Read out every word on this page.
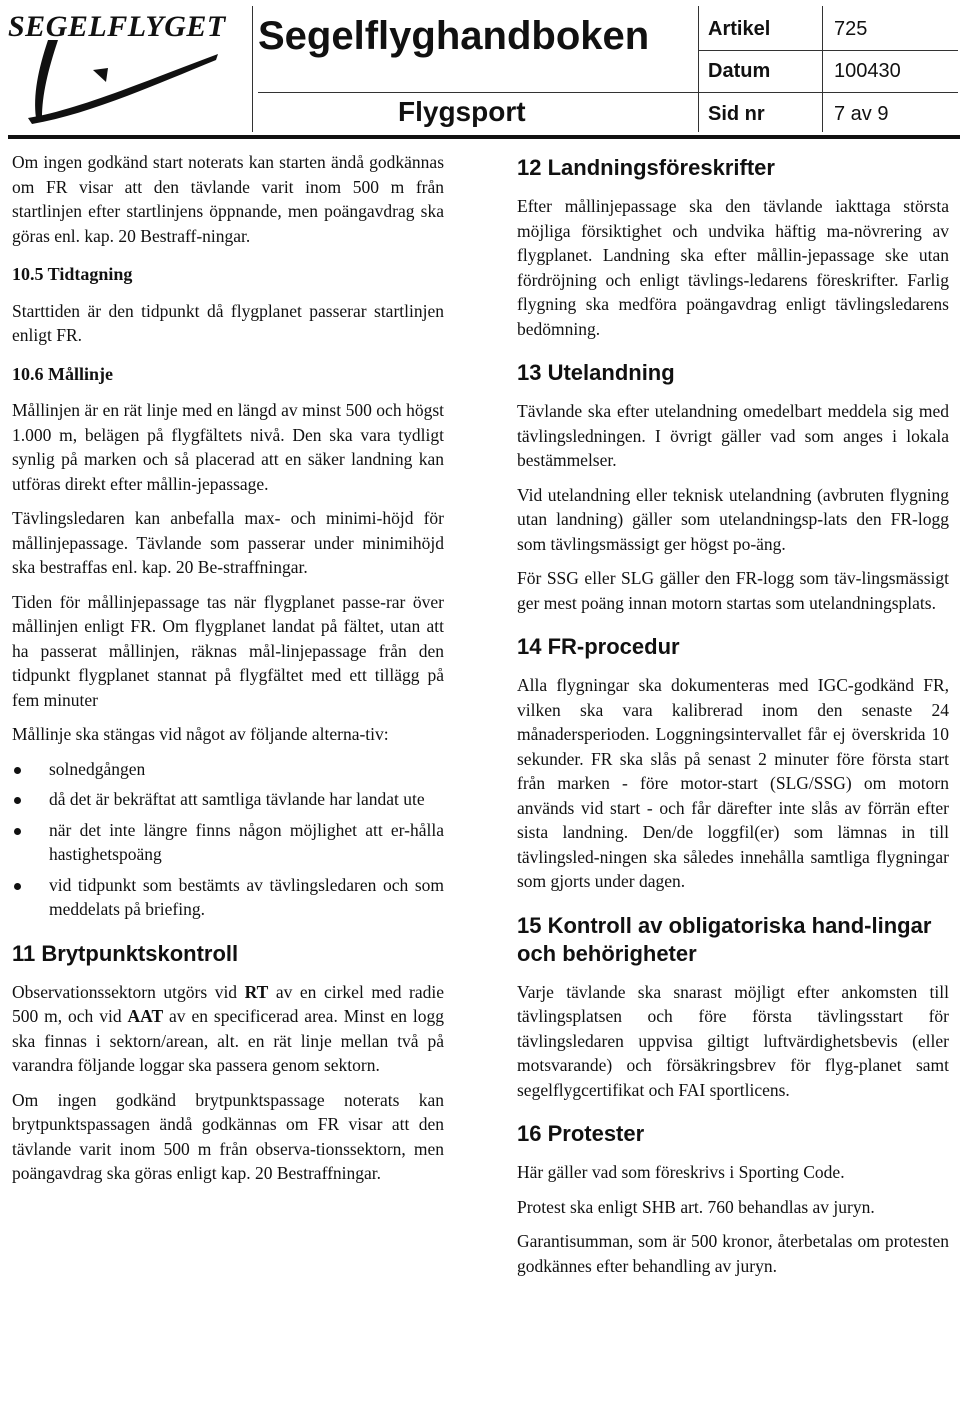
SEGELFLYGET Segelflyghandboken	Artikel	725
Datum	100430
Flygsport	Sid nr	7 av 9

Om ingen godkänd start noterats kan starten ändå godkännas om FR visar att den tävlande varit inom 500 m från startlinjen efter startlinjens öppnande, men poängavdrag ska göras enl. kap. 20 Bestraff-ningar.

10.5 Tidtagning

Starttiden är den tidpunkt då flygplanet passerar startlinjen enligt FR.

10.6 Mållinje

Mållinjen är en rät linje med en längd av minst 500 och högst 1.000 m, belägen på flygfältets nivå. Den ska vara tydligt synlig på marken och så placerad att en säker landning kan utföras direkt efter mållin-jepassage.

Tävlingsledaren kan anbefalla max- och minimi-höjd för mållinjepassage. Tävlande som passerar under minimihöjd ska bestraffas enl. kap. 20 Be-straffningar.

Tiden för mållinjepassage tas när flygplanet passe-rar över mållinjen enligt FR. Om flygplanet landat på fältet, utan att ha passerat mållinjen, räknas mål-linjepassage från den tidpunkt flygplanet stannat på flygfältet med ett tillägg på fem minuter

Mållinje ska stängas vid något av följande alterna-tiv:

solnedgången
då det är bekräftat att samtliga tävlande har landat ute
när det inte längre finns någon möjlighet att er-hålla hastighetspoäng
vid tidpunkt som bestämts av tävlingsledaren och som meddelats på briefing.
11 Brytpunktskontroll

Observationssektorn utgörs vid RT av en cirkel med radie 500 m, och vid AAT av en specificerad area. Minst en logg ska finnas i sektorn/arean, alt. en rät linje mellan två på varandra följande loggar ska passera genom sektorn.

Om ingen godkänd brytpunktspassage noterats kan brytpunktspassagen ändå godkännas om FR visar att den tävlande varit inom 500 m från observa-tionssektorn, men poängavdrag ska göras enligt kap. 20 Bestraffningar.

12 Landningsföreskrifter

Efter mållinjepassage ska den tävlande iakttaga största möjliga försiktighet och undvika häftig ma-növrering av flygplanet. Landning ska efter mållin-jepassage ske utan fördröjning och enligt tävlings-ledarens föreskrifter. Farlig flygning ska medföra poängavdrag enligt tävlingsledarens bedömning.

13 Utelandning

Tävlande ska efter utelandning omedelbart meddela sig med tävlingsledningen. I övrigt gäller vad som anges i lokala bestämmelser.

Vid utelandning eller teknisk utelandning (avbruten flygning utan landning) gäller som utelandningsp-lats den FR-logg som tävlingsmässigt ger högst po-äng.

För SSG eller SLG gäller den FR-logg som täv-lingsmässigt ger mest poäng innan motorn startas som utelandningsplats.

14 FR-procedur

Alla flygningar ska dokumenteras med IGC-godkänd FR, vilken ska vara kalibrerad inom den senaste 24 månadersperioden. Loggningsintervallet får ej överskrida 10 sekunder. FR ska slås på senast 2 minuter före första start från marken - före motor-start (SLG/SSG) om motorn används vid start - och får därefter inte slås av förrän efter sista landning. Den/de loggfil(er) som lämnas in till tävlingsled-ningen ska således innehålla samtliga flygningar som gjorts under dagen.

15 Kontroll av obligatoriska hand-lingar och behörigheter

Varje tävlande ska snarast möjligt efter ankomsten till tävlingsplatsen och före första tävlingsstart för tävlingsledaren uppvisa giltigt luftvärdighetsbevis (eller motsvarande) och försäkringsbrev för flyg-planet samt segelflygcertifikat och FAI sportlicens.

16 Protester

Här gäller vad som föreskrivs i Sporting Code.

Protest ska enligt SHB art. 760 behandlas av juryn.

Garantisumman, som är 500 kronor, återbetalas om protesten godkännes efter behandling av juryn.
